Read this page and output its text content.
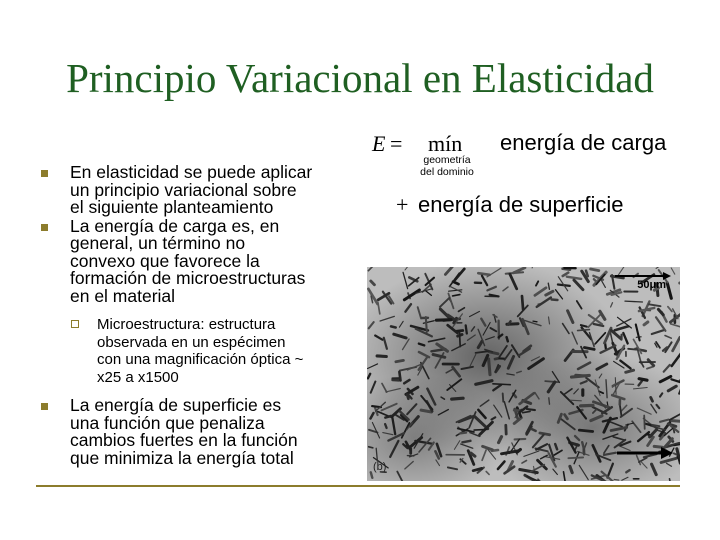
Principio Variacional en Elasticidad
En elasticidad se puede aplicar
un principio variacional sobre
el siguiente planteamiento
La energía de carga es, en
general, un término no
convexo que favorece la
formación de microestructuras
en el material
Microestructura: estructura
observada en un espécimen
con una magnificación óptica ~
x25 a x1500
La energía de superficie es
una función que penaliza
cambios fuertes en la función
que minimiza la energía total
E = mín
geometría
del dominio
energía de carga
+ energía de superficie
50μm
(b)
